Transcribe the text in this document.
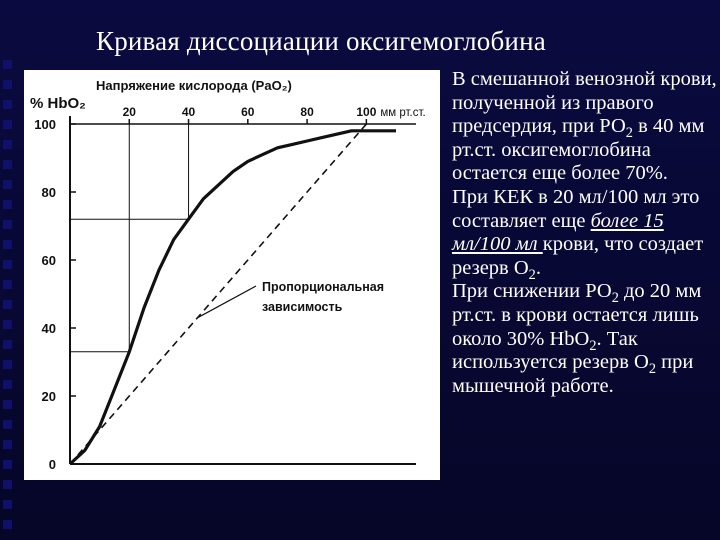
Кривая диссоциации оксигемоглобина
20	40	60	80	100 мм рт.ст.
0
20
40
60
80
100
Напряжение кислорода (PaO₂)
% HbO₂
Пропорциональная
зависимость

В смешанной венозной крови, полученной из правого предсердия, при $РО_2$ в 40 мм рт.ст. оксигемоглобина остается еще более 70%.

При КЕК в 20 мл/100 мл это составляет еще более 15 мл/100 мл крови, что создает резерв $О_2$.

При снижении $РО_2$ до 20 мм рт.ст. в крови остается лишь около 30% НbО$_2$. Так используется резерв $О_2$ при мышечной работе.
